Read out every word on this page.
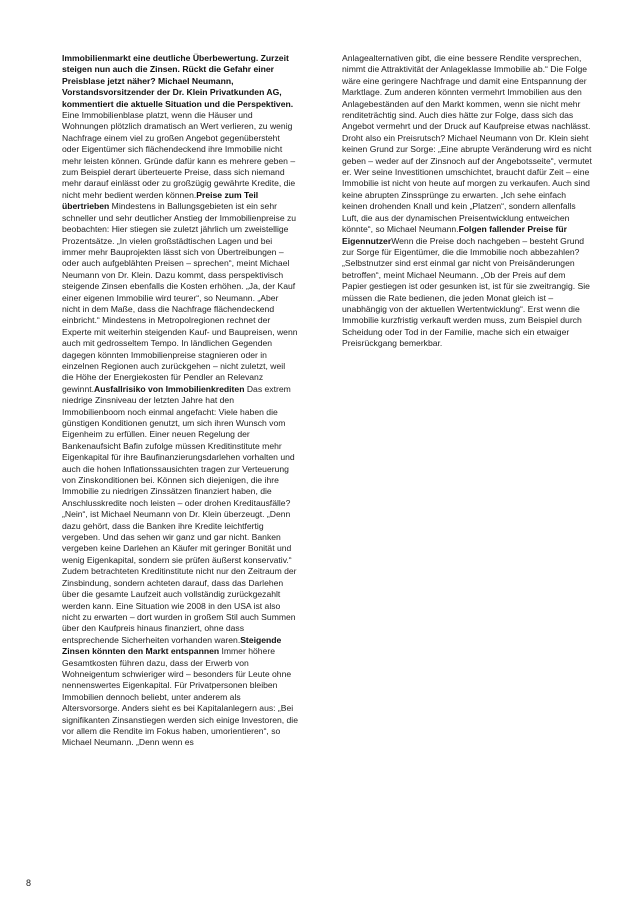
Immobilienmarkt eine deutliche Überbewertung. Zurzeit steigen nun auch die Zinsen. Rückt die Gefahr einer Preisblase jetzt näher? Michael Neumann, Vorstandsvorsitzender der Dr. Klein Privatkunden AG, kommentiert die aktuelle Situation und die Perspektiven.

Eine Immobilienblase platzt, wenn die Häuser und Wohnungen plötzlich dramatisch an Wert verlieren, zu wenig Nachfrage einem viel zu großen Angebot gegenübersteht oder Eigentümer sich flächendeckend ihre Immobilie nicht mehr leisten können. Gründe dafür kann es mehrere geben – zum Beispiel derart überteuerte Preise, dass sich niemand mehr darauf einlässt oder zu großzügig gewährte Kredite, die nicht mehr bedient werden können.

Preise zum Teil übertrieben

Mindestens in Ballungsgebieten ist ein sehr schneller und sehr deutlicher Anstieg der Immobilienpreise zu beobachten: Hier stiegen sie zuletzt jährlich um zweistellige Prozentsätze. „In vielen großstädtischen Lagen und bei immer mehr Bauprojekten lässt sich von Übertreibungen – oder auch aufgeblähten Preisen – sprechen“, meint Michael Neumann von Dr. Klein. Dazu kommt, dass perspektivisch steigende Zinsen ebenfalls die Kosten erhöhen. „Ja, der Kauf einer eigenen Immobilie wird teurer“, so Neumann. „Aber nicht in dem Maße, dass die Nachfrage flächendeckend einbricht.“ Mindestens in Metropolregionen rechnet der Experte mit weiterhin steigenden Kauf- und Baupreisen, wenn auch mit gedrosseltem Tempo. In ländlichen Gegenden dagegen könnten Immobilienpreise stagnieren oder in einzelnen Regionen auch zurückgehen – nicht zuletzt, weil die Höhe der Energiekosten für Pendler an Relevanz gewinnt.

Ausfallrisiko von Immobilienkrediten

Das extrem niedrige Zinsniveau der letzten Jahre hat den Immobilienboom noch einmal angefacht: Viele haben die günstigen Konditionen genutzt, um sich ihren Wunsch vom Eigenheim zu erfüllen. Einer neuen Regelung der Bankenaufsicht Bafin zufolge müssen Kreditinstitute mehr Eigenkapital für ihre Baufinanzierungsdarlehen vorhalten und auch die hohen Inflationssausichten tragen zur Verteuerung von Zinskonditionen bei. Können sich diejenigen, die ihre Immobilie zu niedrigen Zinssätzen finanziert haben, die Anschlusskredite noch leisten – oder drohen Kreditausfälle? „Nein“, ist Michael Neumann von Dr. Klein überzeugt. „Denn dazu gehört, dass die Banken ihre Kredite leichtfertig vergeben. Und das sehen wir ganz und gar nicht. Banken vergeben keine Darlehen an Käufer mit geringer Bonität und wenig Eigenkapital, sondern sie prüfen äußerst konservativ.“ Zudem betrachteten Kreditinstitute nicht nur den Zeitraum der Zinsbindung, sondern achteten darauf, dass das Darlehen über die gesamte Laufzeit auch vollständig zurückgezahlt werden kann. Eine Situation wie 2008 in den USA ist also nicht zu erwarten – dort wurden in großem Stil auch Summen über den Kaufpreis hinaus finanziert, ohne dass entsprechende Sicherheiten vorhanden waren.

Steigende Zinsen könnten den Markt entspannen

Immer höhere Gesamtkosten führen dazu, dass der Erwerb von Wohneigentum schwieriger wird – besonders für Leute ohne nennenswertes Eigenkapital. Für Privatpersonen bleiben Immobilien dennoch beliebt, unter anderem als Altersvorsorge. Anders sieht es bei Kapitalanlegern aus: „Bei signifikanten Zinsanstiegen werden sich einige Investoren, die vor allem die Rendite im Fokus haben, umorientieren“, so Michael Neumann. „Denn wenn es

Anlagealternativen gibt, die eine bessere Rendite versprechen, nimmt die Attraktivität der Anlageklasse Immobilie ab.“ Die Folge wäre eine geringere Nachfrage und damit eine Entspannung der Marktlage. Zum anderen könnten vermehrt Immobilien aus den Anlagebeständen auf den Markt kommen, wenn sie nicht mehr renditeträchtig sind. Auch dies hätte zur Folge, dass sich das Angebot vermehrt und der Druck auf Kaufpreise etwas nachlässt. Droht also ein Preisrutsch? Michael Neumann von Dr. Klein sieht keinen Grund zur Sorge: „Eine abrupte Veränderung wird es nicht geben – weder auf der Zinsnoch auf der Angebotsseite“, vermutet er. Wer seine Investitionen umschichtet, braucht dafür Zeit – eine Immobilie ist nicht von heute auf morgen zu verkaufen. Auch sind keine abrupten Zinssprünge zu erwarten. „Ich sehe einfach keinen drohenden Knall und kein „Platzen“, sondern allenfalls Luft, die aus der dynamischen Preisentwicklung entweichen könnte“, so Michael Neumann.

Folgen fallender Preise für Eigennutzer

Wenn die Preise doch nachgeben – besteht Grund zur Sorge für Eigentümer, die die Immobilie noch abbezahlen? „Selbstnutzer sind erst einmal gar nicht von Preisänderungen betroffen“, meint Michael Neumann. „Ob der Preis auf dem Papier gestiegen ist oder gesunken ist, ist für sie zweitrangig. Sie müssen die Rate bedienen, die jeden Monat gleich ist – unabhängig von der aktuellen Wertentwicklung“. Erst wenn die Immobilie kurzfristig verkauft werden muss, zum Beispiel durch Scheidung oder Tod in der Familie, mache sich ein etwaiger Preisrückgang bemerkbar.

8
